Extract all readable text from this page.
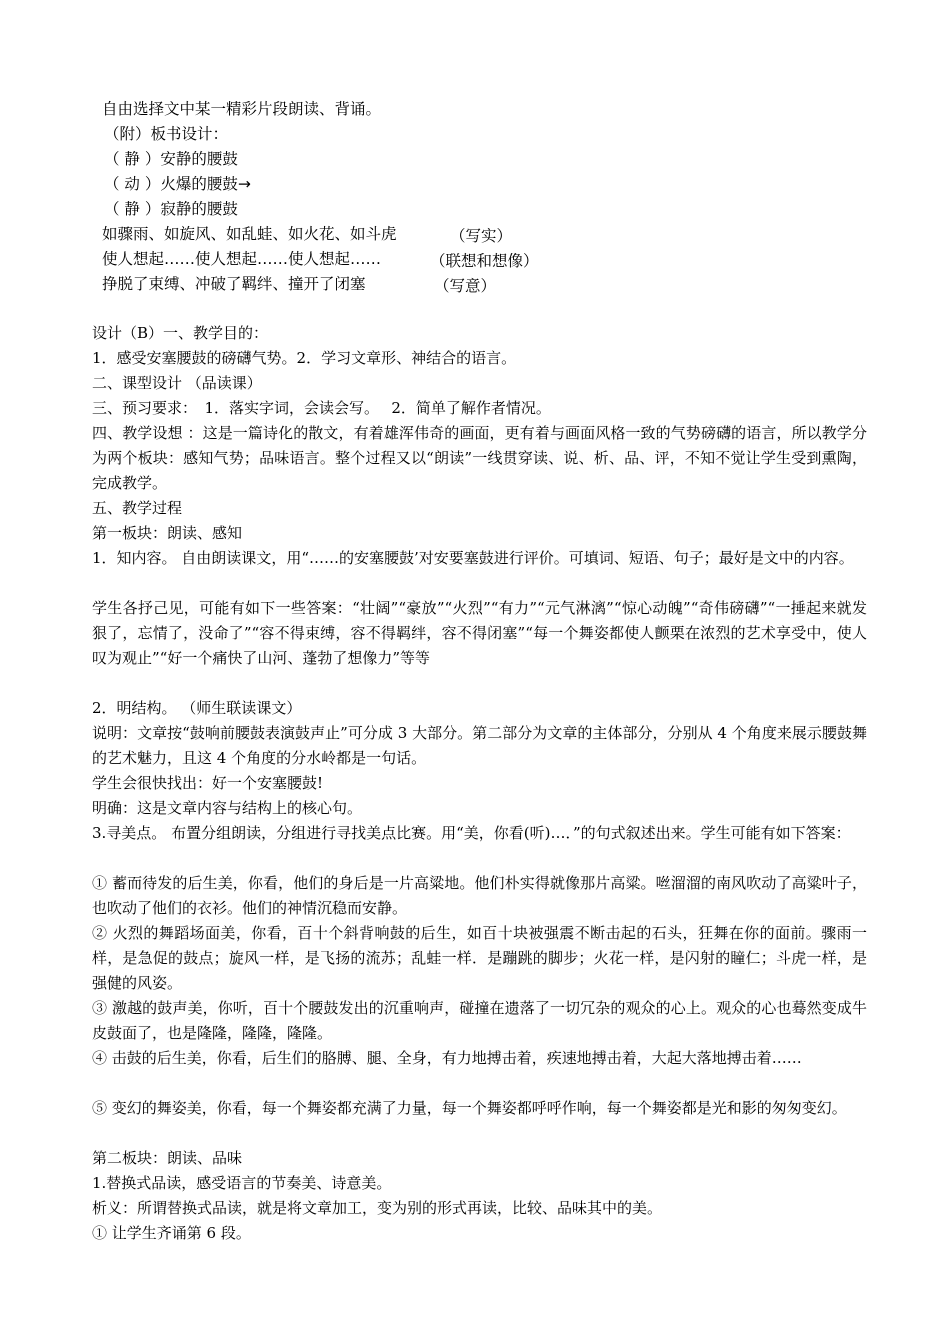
自由选择文中某一精彩片段朗读、背诵。
（附）板书设计：
（ 静 ）安静的腰鼓
（ 动 ）火爆的腰鼓→
（ 静 ）寂静的腰鼓
如骤雨、如旋风、如乱蛙、如火花、如斗虎	（写实）
使人想起……使人想起……使人想起……	（联想和想像）
挣脱了束缚、冲破了羁绊、撞开了闭塞	（写意）
设计（B）一、教学目的：
1．感受安塞腰鼓的磅礴气势。2．学习文章形、神结合的语言。
二、课型设计 （品读课）
三、预习要求：　1．落实字词，会读会写。　 2．简单了解作者情况。
四、教学设想 ：这是一篇诗化的散文，有着雄浑伟奇的画面，更有着与画面风格一致的气势磅礴的语言，所以教学分为两个板块：感知气势；品味语言。整个过程又以“朗读”一线贯穿读、说、析、品、评，不知不觉让学生受到熏陶，完成教学。
五、教学过程
第一板块：朗读、感知
1．知内容。 自由朗读课文，用“……的安塞腰鼓’对安要塞鼓进行评价。可填词、短语、句子；最好是文中的内容。
学生各抒己见，可能有如下一些答案：“壮阔”“豪放”“火烈”“有力”“元气淋漓”“惊心动魄”“奇伟磅礴”“一捶起来就发狠了，忘情了，没命了”“容不得束缚，容不得羁绊，容不得闭塞”“每一个舞姿都使人颤栗在浓烈的艺术享受中，使人叹为观止”“好一个痛快了山河、蓬勃了想像力”等等
2．明结构。 （师生联读课文）
说明：文章按“鼓响前腰鼓表演鼓声止”可分成 3 大部分。第二部分为文章的主体部分，分别从 4 个角度来展示腰鼓舞的艺术魅力，且这 4 个角度的分水岭都是一句话。
学生会很快找出：好一个安塞腰鼓!
明确：这是文章内容与结构上的核心句。
3.寻美点。 布置分组朗读，分组进行寻找美点比赛。用“美，你看(听)…．”的句式叙述出来。学生可能有如下答案：
① 蓄而待发的后生美，你看，他们的身后是一片高粱地。他们朴实得就像那片高粱。咝溜溜的南风吹动了高粱叶子，也吹动了他们的衣衫。他们的神情沉稳而安静。
② 火烈的舞蹈场面美，你看，百十个斜背响鼓的后生，如百十块被强震不断击起的石头，狂舞在你的面前。骤雨一样，是急促的鼓点；旋风一样，是飞扬的流苏；乱蛙一样．是蹦跳的脚步；火花一样，是闪射的瞳仁；斗虎一样，是强健的风姿。
③ 激越的鼓声美，你听，百十个腰鼓发出的沉重响声，碰撞在遗落了一切冗杂的观众的心上。观众的心也蓦然变成牛皮鼓面了，也是隆隆，隆隆，隆隆。
④ 击鼓的后生美，你看，后生们的胳膊、腿、全身，有力地搏击着，疾速地搏击着，大起大落地搏击着……
⑤ 变幻的舞姿美，你看，每一个舞姿都充满了力量，每一个舞姿都呼呼作响，每一个舞姿都是光和影的匆匆变幻。
第二板块：朗读、品味
1.替换式品读，感受语言的节奏美、诗意美。
析义：所谓替换式品读，就是将文章加工，变为别的形式再读，比较、品味其中的美。
① 让学生齐诵第 6 段。
